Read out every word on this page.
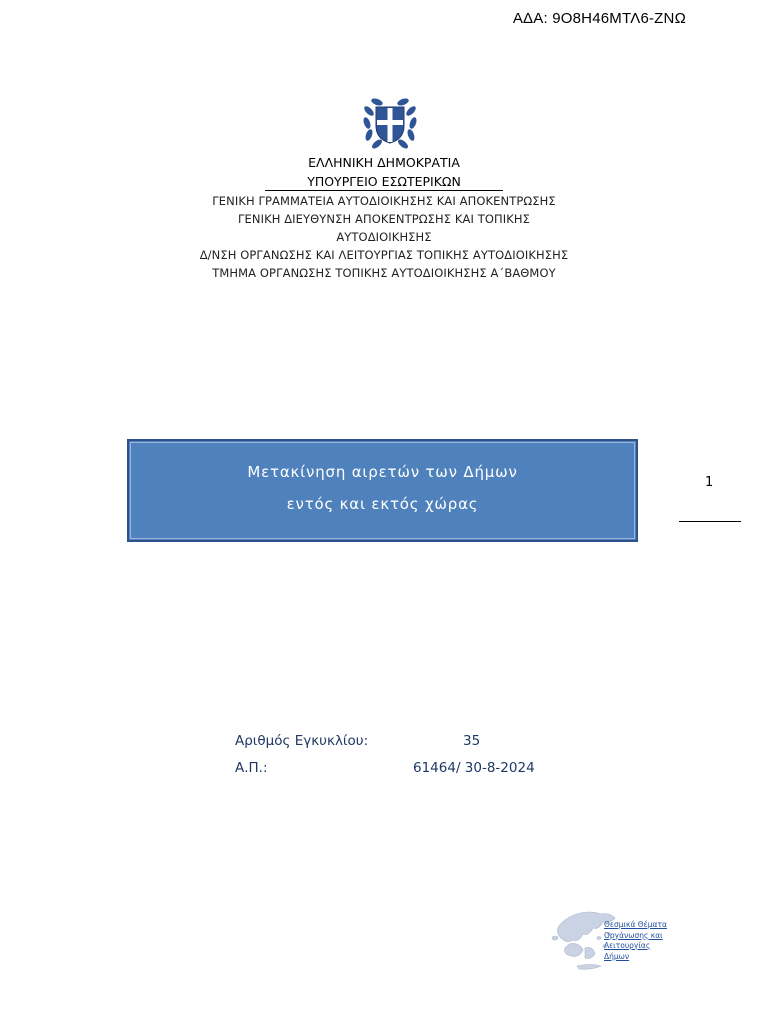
ΑΔΑ: 9Ο8Η46ΜΤΛ6-ΖΝΩ
ΕΛΛΗΝΙΚΗ ΔΗΜΟΚΡΑΤΙΑ
ΥΠΟΥΡΓΕΙΟ ΕΣΩΤΕΡΙΚΩΝ
ΓΕΝΙΚΗ ΓΡΑΜΜΑΤΕΙΑ ΑΥΤΟΔΙΟΙΚΗΣΗΣ ΚΑΙ ΑΠΟΚΕΝΤΡΩΣΗΣ
ΓΕΝΙΚΗ ΔΙΕΥΘΥΝΣΗ ΑΠΟΚΕΝΤΡΩΣΗΣ ΚΑΙ ΤΟΠΙΚΗΣ
ΑΥΤΟΔΙΟΙΚΗΣΗΣ
Δ/ΝΣΗ ΟΡΓΑΝΩΣΗΣ ΚΑΙ ΛΕΙΤΟΥΡΓΙΑΣ ΤΟΠΙΚΗΣ ΑΥΤΟΔΙΟΙΚΗΣΗΣ
ΤΜΗΜΑ ΟΡΓΑΝΩΣΗΣ ΤΟΠΙΚΗΣ ΑΥΤΟΔΙΟΙΚΗΣΗΣ Α΄ΒΑΘΜΟΥ
Μετακίνηση αιρετών των Δήμων
εντός και εκτός χώρας
1
Αριθμός Εγκυκλίου:	35
Α.Π.:	61464/ 30-8-2024
Θεσμικά Θέματα
Οργάνωσης και
Λειτουργίας
Δήμων
